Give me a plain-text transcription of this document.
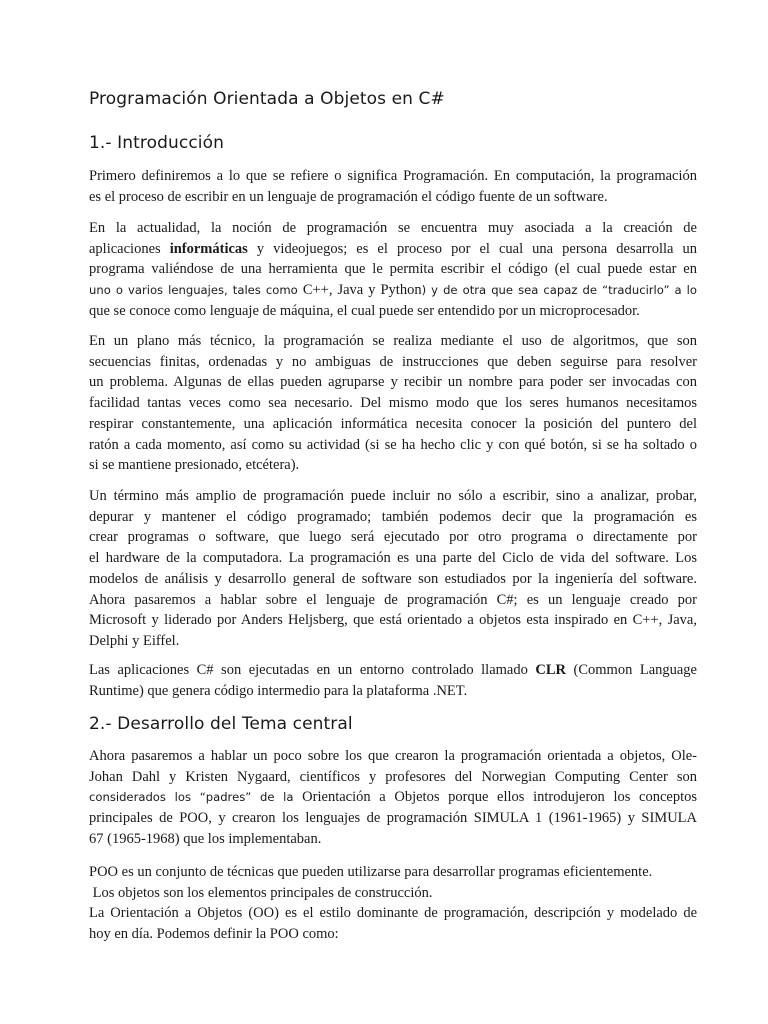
Programación Orientada a Objetos en C#
1.- Introducción

Primero definiremos a lo que se refiere o significa Programación. En computación, la programación
es el proceso de escribir en un lenguaje de programación el código fuente de un software.

En la actualidad, la noción de programación se encuentra muy asociada a la creación de
aplicaciones informáticas y videojuegos; es el proceso por el cual una persona desarrolla un
programa valiéndose de una herramienta que le permita escribir el código (el cual puede estar en
uno o varios lenguajes, tales como C++, Java y Python) y de otra que sea capaz de “traducirlo” a lo
que se conoce como lenguaje de máquina, el cual puede ser entendido por un microprocesador.

En un plano más técnico, la programación se realiza mediante el uso de algoritmos, que son
secuencias finitas, ordenadas y no ambiguas de instrucciones que deben seguirse para resolver
un problema. Algunas de ellas pueden agruparse y recibir un nombre para poder ser invocadas con
facilidad tantas veces como sea necesario. Del mismo modo que los seres humanos necesitamos
respirar constantemente, una aplicación informática necesita conocer la posición del puntero del
ratón a cada momento, así como su actividad (si se ha hecho clic y con qué botón, si se ha soltado o
si se mantiene presionado, etcétera).

Un término más amplio de programación puede incluir no sólo a escribir, sino a analizar, probar,
depurar y mantener el código programado; también podemos decir que la programación es
crear programas o software, que luego será ejecutado por otro programa o directamente por
el hardware de la computadora. La programación es una parte del Ciclo de vida del software. Los
modelos de análisis y desarrollo general de software son estudiados por la ingeniería del software.
Ahora pasaremos a hablar sobre el lenguaje de programación C#; es un lenguaje creado por
Microsoft y liderado por Anders Heljsberg, que está orientado a objetos esta inspirado en C++, Java,
Delphi y Eiffel.

Las aplicaciones C# son ejecutadas en un entorno controlado llamado CLR (Common Language
Runtime) que genera código intermedio para la plataforma .NET.

2.- Desarrollo del Tema central

Ahora pasaremos a hablar un poco sobre los que crearon la programación orientada a objetos, Ole-
Johan Dahl y Kristen Nygaard, científicos y profesores del Norwegian Computing Center son
considerados los “padres” de la Orientación a Objetos porque ellos introdujeron los conceptos
principales de POO, y crearon los lenguajes de programación SIMULA 1 (1961-1965) y SIMULA
67 (1965-1968) que los implementaban.

POO es un conjunto de técnicas que pueden utilizarse para desarrollar programas eficientemente.
Los objetos son los elementos principales de construcción.
La Orientación a Objetos (OO) es el estilo dominante de programación, descripción y modelado de
hoy en día. Podemos definir la POO como:
